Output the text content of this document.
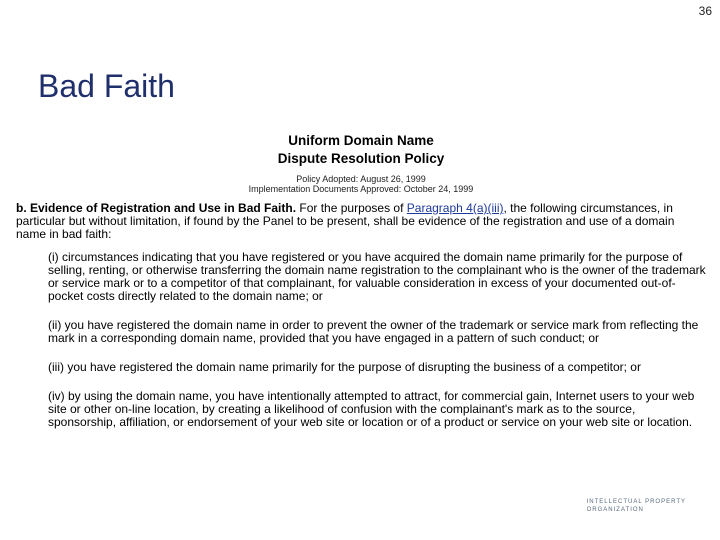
36
Bad Faith
Uniform Domain Name
Dispute Resolution Policy
Policy Adopted: August 26, 1999
Implementation Documents Approved: October 24, 1999
b. Evidence of Registration and Use in Bad Faith. For the purposes of Paragraph 4(a)(iii), the following circumstances, in particular but without limitation, if found by the Panel to be present, shall be evidence of the registration and use of a domain name in bad faith:

(i) circumstances indicating that you have registered or you have acquired the domain name primarily for the purpose of selling, renting, or otherwise transferring the domain name registration to the complainant who is the owner of the trademark or service mark or to a competitor of that complainant, for valuable consideration in excess of your documented out-of-pocket costs directly related to the domain name; or

(ii) you have registered the domain name in order to prevent the owner of the trademark or service mark from reflecting the mark in a corresponding domain name, provided that you have engaged in a pattern of such conduct; or

(iii) you have registered the domain name primarily for the purpose of disrupting the business of a competitor; or

(iv) by using the domain name, you have intentionally attempted to attract, for commercial gain, Internet users to your web site or other on-line location, by creating a likelihood of confusion with the complainant's mark as to the source, sponsorship, affiliation, or endorsement of your web site or location or of a product or service on your web site or location.

INTELLECTUAL PROPERTY
ORGANIZATION
